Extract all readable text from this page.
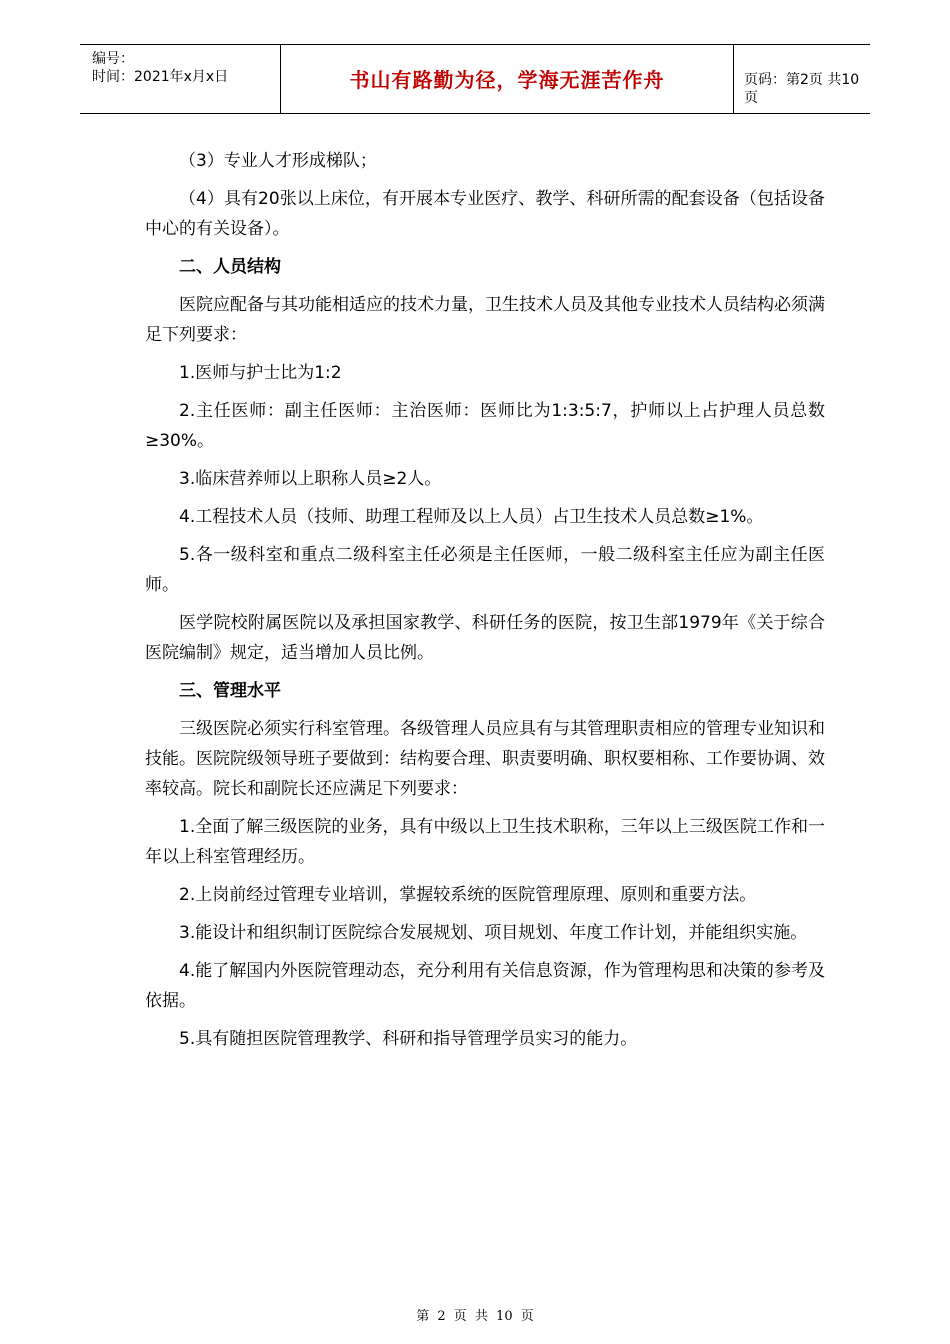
编号：
时间：2021年x月x日	书山有路勤为径，学海无涯苦作舟	页码：第2页 共10页

（3）专业人才形成梯队；

（4）具有20张以上床位，有开展本专业医疗、教学、科研所需的配套设备（包括设备中心的有关设备）。

二、人员结构

医院应配备与其功能相适应的技术力量，卫生技术人员及其他专业技术人员结构必须满足下列要求：

1.医师与护士比为1:2

2.主任医师：副主任医师：主治医师：医师比为1:3:5:7，护师以上占护理人员总数≥30%。

3.临床营养师以上职称人员≥2人。

4.工程技术人员（技师、助理工程师及以上人员）占卫生技术人员总数≥1%。

5.各一级科室和重点二级科室主任必须是主任医师，一般二级科室主任应为副主任医师。

医学院校附属医院以及承担国家教学、科研任务的医院，按卫生部1979年《关于综合医院编制》规定，适当增加人员比例。

三、管理水平

三级医院必须实行科室管理。各级管理人员应具有与其管理职责相应的管理专业知识和技能。医院院级领导班子要做到：结构要合理、职责要明确、职权要相称、工作要协调、效率较高。院长和副院长还应满足下列要求：

1.全面了解三级医院的业务，具有中级以上卫生技术职称，三年以上三级医院工作和一年以上科室管理经历。

2.上岗前经过管理专业培训，掌握较系统的医院管理原理、原则和重要方法。

3.能设计和组织制订医院综合发展规划、项目规划、年度工作计划，并能组织实施。

4.能了解国内外医院管理动态，充分利用有关信息资源，作为管理构思和决策的参考及依据。

5.具有随担医院管理教学、科研和指导管理学员实习的能力。

第 2 页 共 10 页
